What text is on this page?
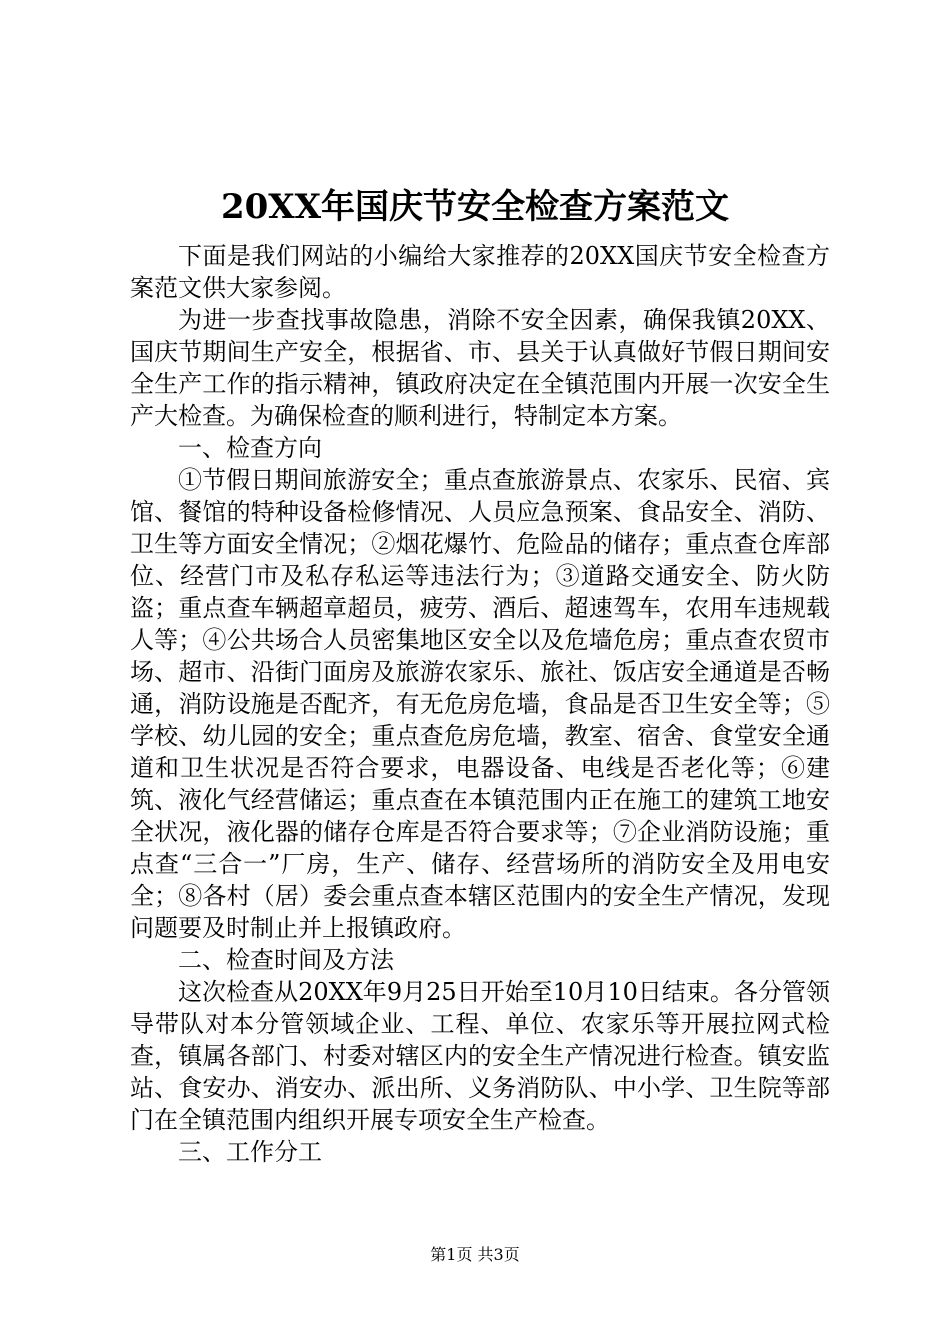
20XX年国庆节安全检查方案范文

下面是我们网站的小编给大家推荐的20XX国庆节安全检查方案范文供大家参阅。

为进一步查找事故隐患，消除不安全因素，确保我镇20XX、国庆节期间生产安全，根据省、市、县关于认真做好节假日期间安全生产工作的指示精神，镇政府决定在全镇范围内开展一次安全生产大检查。为确保检查的顺利进行，特制定本方案。

一、检查方向

①节假日期间旅游安全；重点查旅游景点、农家乐、民宿、宾馆、餐馆的特种设备检修情况、人员应急预案、食品安全、消防、卫生等方面安全情况；②烟花爆竹、危险品的储存；重点查仓库部位、经营门市及私存私运等违法行为；③道路交通安全、防火防盗；重点查车辆超章超员，疲劳、酒后、超速驾车，农用车违规载人等；④公共场合人员密集地区安全以及危墙危房；重点查农贸市场、超市、沿街门面房及旅游农家乐、旅社、饭店安全通道是否畅通，消防设施是否配齐，有无危房危墙，食品是否卫生安全等；⑤学校、幼儿园的安全；重点查危房危墙，教室、宿舍、食堂安全通道和卫生状况是否符合要求，电器设备、电线是否老化等；⑥建筑、液化气经营储运；重点查在本镇范围内正在施工的建筑工地安全状况，液化器的储存仓库是否符合要求等；⑦企业消防设施；重点查“三合一”厂房，生产、储存、经营场所的消防安全及用电安全；⑧各村（居）委会重点查本辖区范围内的安全生产情况，发现问题要及时制止并上报镇政府。

二、检查时间及方法

这次检查从20XX年9月25日开始至10月10日结束。各分管领导带队对本分管领域企业、工程、单位、农家乐等开展拉网式检查，镇属各部门、村委对辖区内的安全生产情况进行检查。镇安监站、食安办、消安办、派出所、义务消防队、中小学、卫生院等部门在全镇范围内组织开展专项安全生产检查。

三、工作分工

第1页 共3页
